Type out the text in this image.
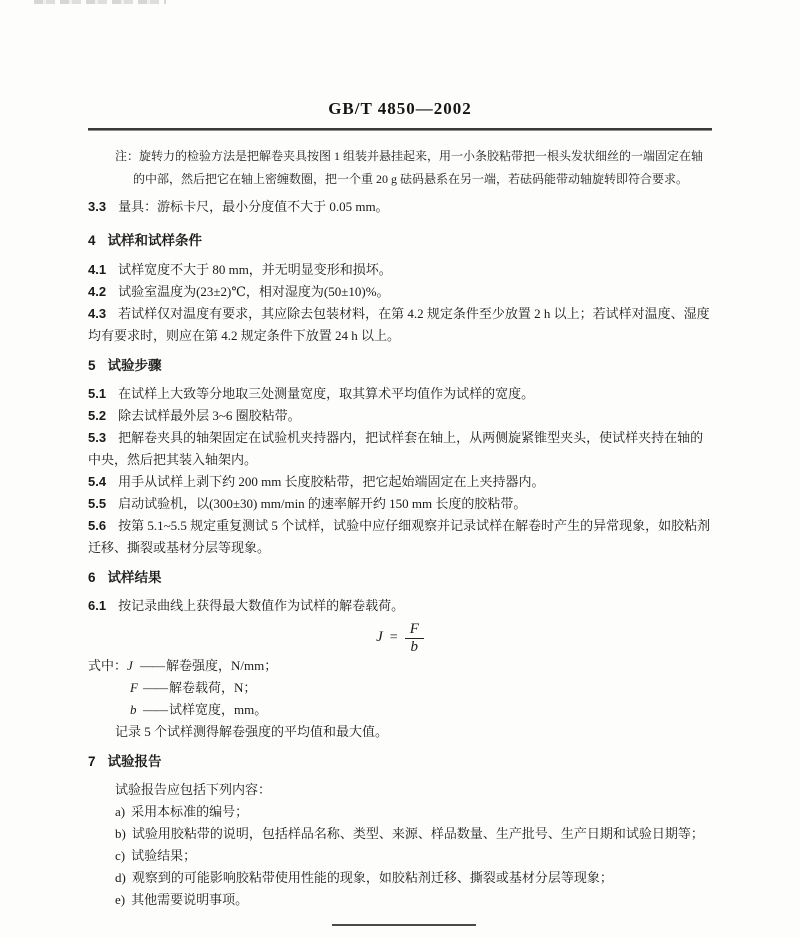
GB/T 4850—2002

注：旋转力的检验方法是把解卷夹具按图 1 组装并悬挂起来，用一小条胶粘带把一根头发状细丝的一端固定在轴的中部，然后把它在轴上密缠数圈，把一个重 20 g 砝码悬系在另一端，若砝码能带动轴旋转即符合要求。

3.3 量具：游标卡尺，最小分度值不大于 0.05 mm。

4 试样和试样条件

4.1 试样宽度不大于 80 mm，并无明显变形和损坏。

4.2 试验室温度为(23±2)℃，相对湿度为(50±10)%。

4.3 若试样仅对温度有要求，其应除去包装材料，在第 4.2 规定条件至少放置 2 h 以上；若试样对温度、湿度均有要求时，则应在第 4.2 规定条件下放置 24 h 以上。

5 试验步骤

5.1 在试样上大致等分地取三处测量宽度，取其算术平均值作为试样的宽度。

5.2 除去试样最外层 3~6 圈胶粘带。

5.3 把解卷夹具的轴架固定在试验机夹持器内，把试样套在轴上，从两侧旋紧锥型夹头，使试样夹持在轴的中央，然后把其装入轴架内。

5.4 用手从试样上剥下约 200 mm 长度胶粘带，把它起始端固定在上夹持器内。

5.5 启动试验机，以(300±30) mm/min 的速率解开约 150 mm 长度的胶粘带。

5.6 按第 5.1~5.5 规定重复测试 5 个试样，试验中应仔细观察并记录试样在解卷时产生的异常现象，如胶粘剂迁移、撕裂或基材分层等现象。

6 试样结果

6.1 按记录曲线上获得最大数值作为试样的解卷载荷。

$J = \frac{F}{b}$

式中：J —— 解卷强度，N/mm；

F —— 解卷载荷，N；

b —— 试样宽度，mm。

记录 5 个试样测得解卷强度的平均值和最大值。

7 试验报告

试验报告应包括下列内容：

a) 采用本标准的编号；

b) 试验用胶粘带的说明，包括样品名称、类型、来源、样品数量、生产批号、生产日期和试验日期等；

c) 试验结果；

d) 观察到的可能影响胶粘带使用性能的现象，如胶粘剂迁移、撕裂或基材分层等现象；

e) 其他需要说明事项。
